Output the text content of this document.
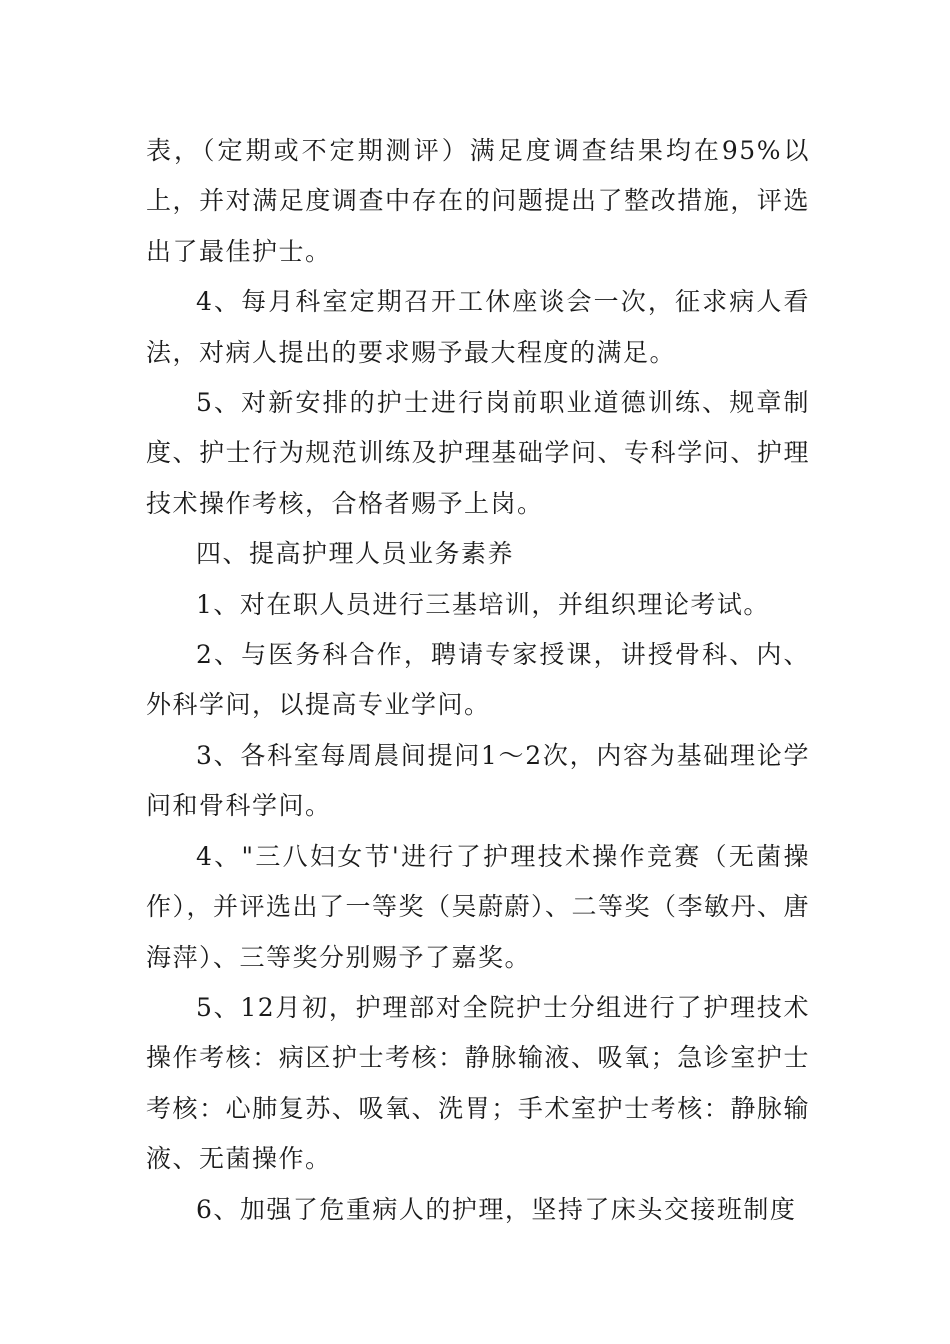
表，（定期或不定期测评）满足度调查结果均在95%以上，并对满足度调查中存在的问题提出了整改措施，评选出了最佳护士。

4、每月科室定期召开工休座谈会一次，征求病人看法，对病人提出的要求赐予最大程度的满足。

5、对新安排的护士进行岗前职业道德训练、规章制度、护士行为规范训练及护理基础学问、专科学问、护理技术操作考核，合格者赐予上岗。

四、提高护理人员业务素养

1、对在职人员进行三基培训，并组织理论考试。

2、与医务科合作，聘请专家授课，讲授骨科、内、外科学问，以提高专业学问。

3、各科室每周晨间提问1～2次，内容为基础理论学问和骨科学问。

4、"三八妇女节'进行了护理技术操作竞赛（无菌操作），并评选出了一等奖（吴蔚蔚）、二等奖（李敏丹、唐海萍）、三等奖分别赐予了嘉奖。

5、12月初，护理部对全院护士分组进行了护理技术操作考核：病区护士考核：静脉输液、吸氧；急诊室护士考核：心肺复苏、吸氧、洗胃；手术室护士考核：静脉输液、无菌操作。

6、加强了危重病人的护理，坚持了床头交接班制度
